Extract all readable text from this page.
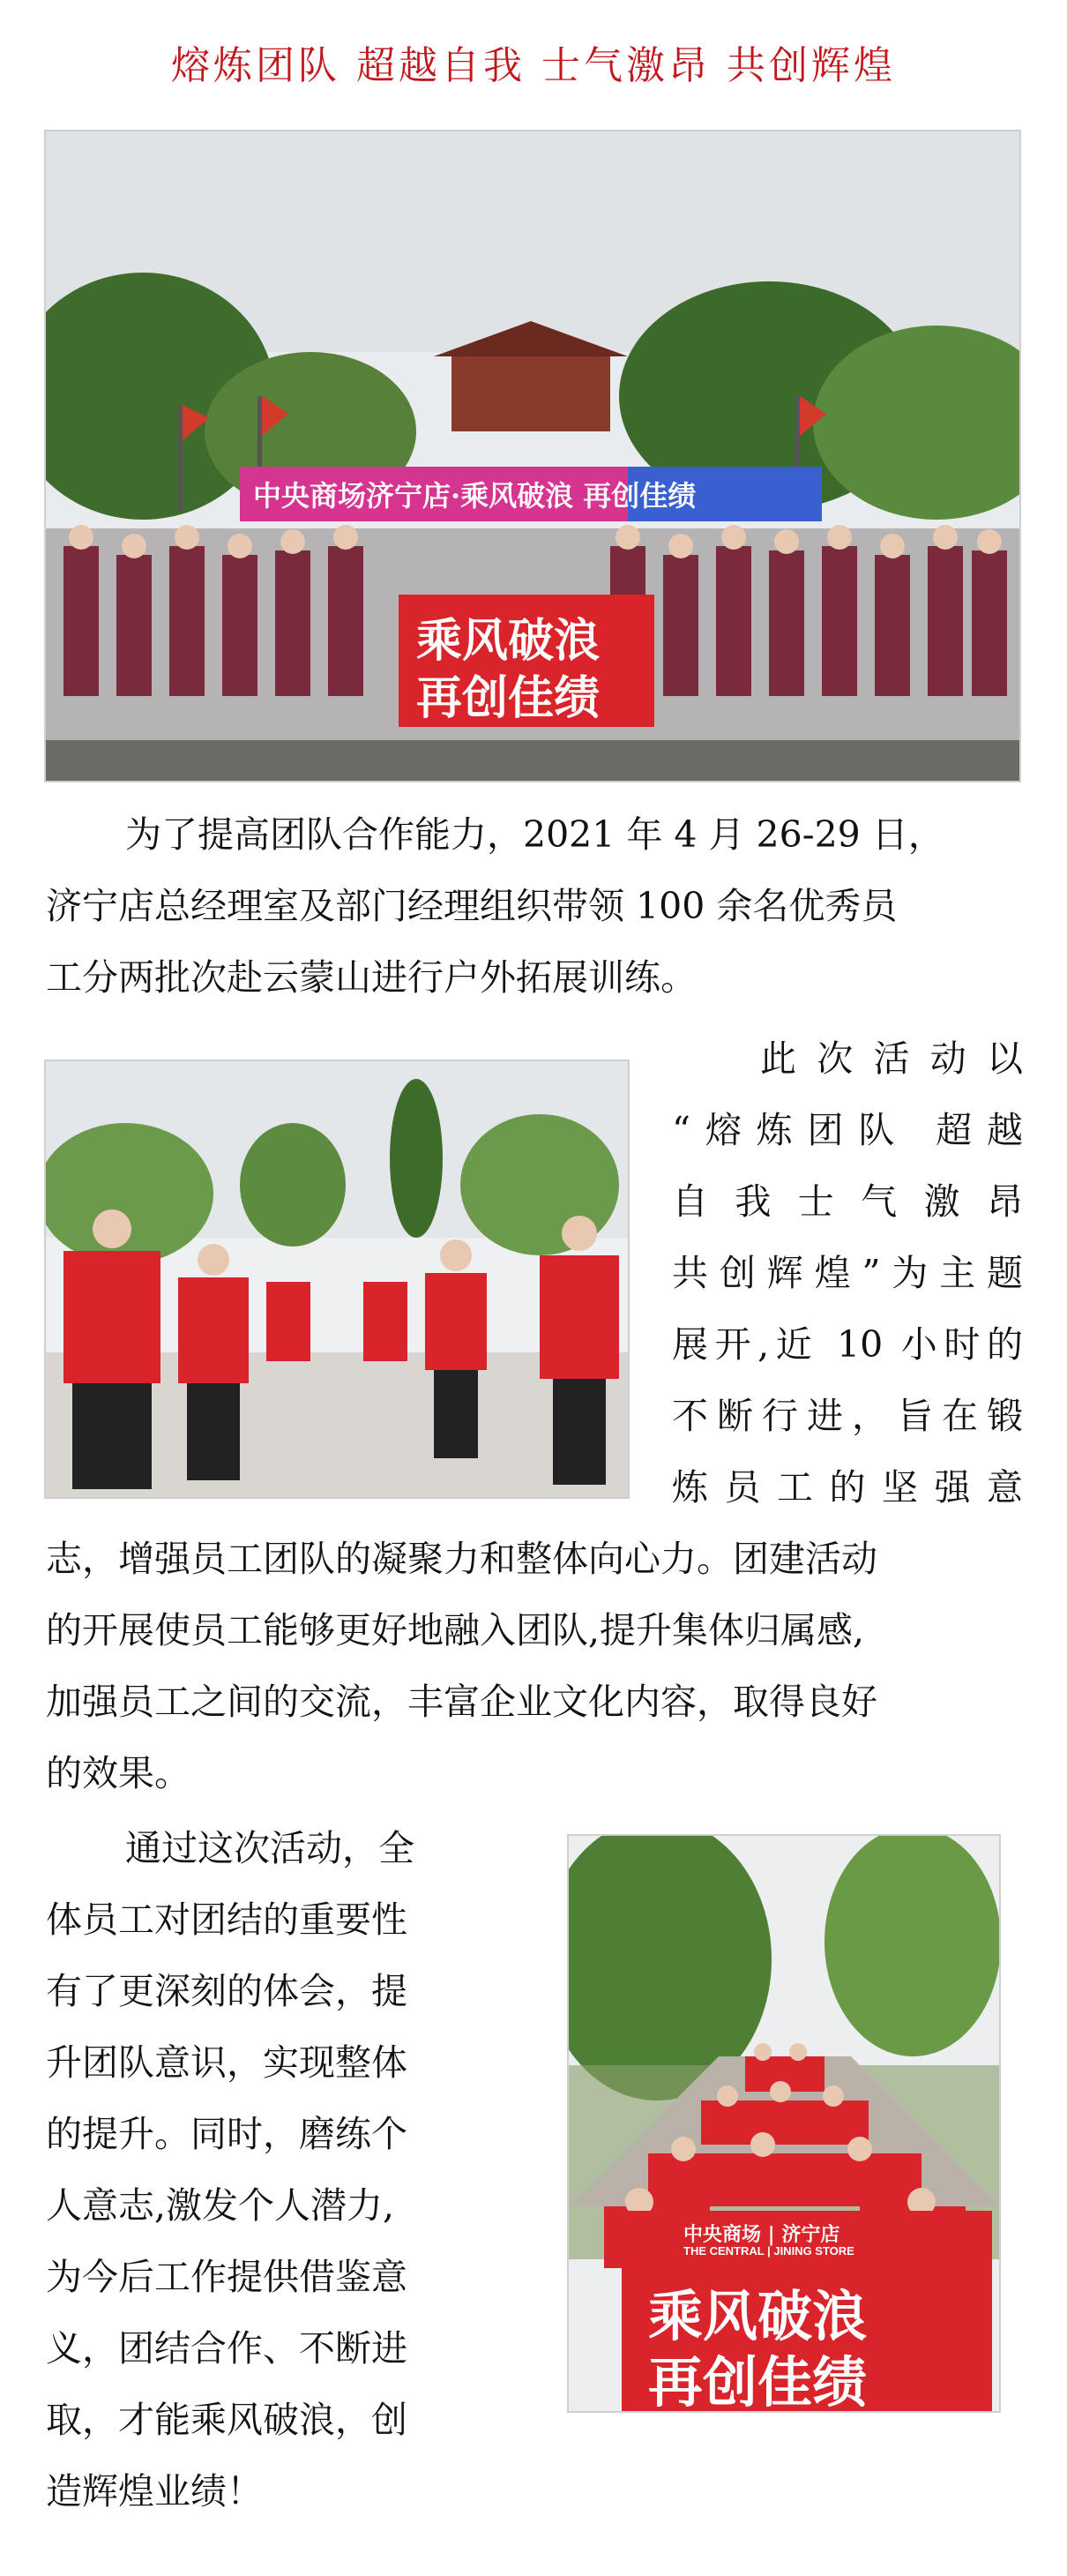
熔炼团队 超越自我 士气激昂 共创辉煌
中央商场济宁店·乘风破浪 再创佳绩
乘风破浪
再创佳绩
为了提高团队合作能力，2021 年 4 月 26-29 日，
济宁店总经理室及部门经理组织带领 100 余名优秀员
工分两批次赴云蒙山进行户外拓展训练。
此 次 活 动 以
“熔炼团队 超越
自 我 士 气 激 昂
共创辉煌”为主题
展开,近 10 小时的
不断行进，旨在锻
炼 员 工 的 坚 强 意
志，增强员工团队的凝聚力和整体向心力。团建活动
的开展使员工能够更好地融入团队,提升集体归属感,
加强员工之间的交流，丰富企业文化内容，取得良好
的效果。
通过这次活动，全
体员工对团结的重要性
有了更深刻的体会，提
升团队意识，实现整体
的提升。同时，磨练个
人意志,激发个人潜力,
为今后工作提供借鉴意
义，团结合作、不断进
取，才能乘风破浪，创
造辉煌业绩！
中央商场 | 济宁店
THE CENTRAL | JINING STORE
乘风破浪
再创佳绩
